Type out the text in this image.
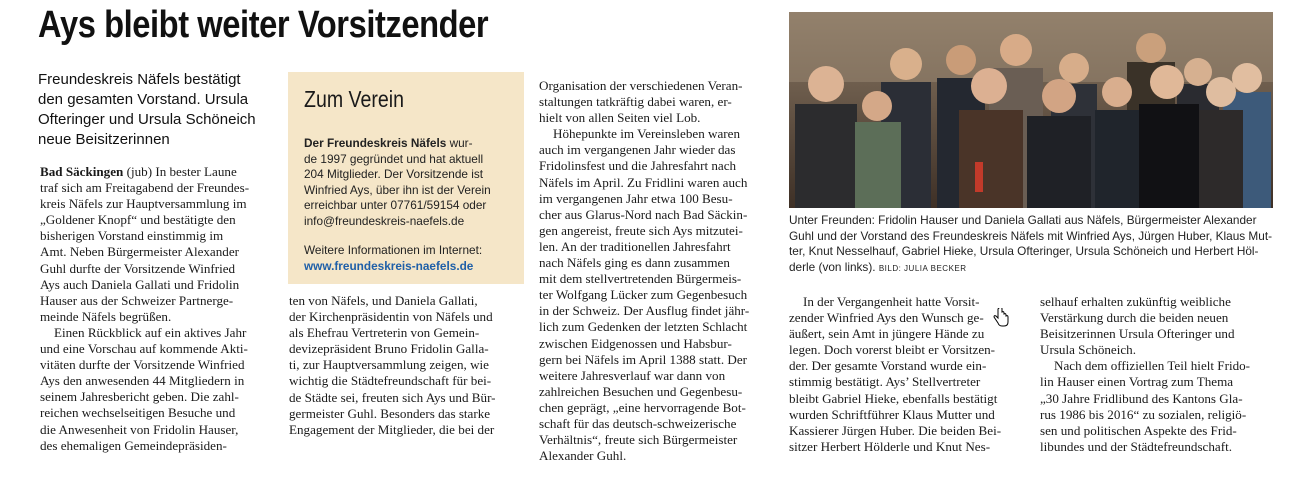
Ays bleibt weiter Vorsitzender
Freundeskreis Näfels bestätigt
den gesamten Vorstand. Ursula
Ofteringer und Ursula Schöneich
neue Beisitzerinnen
Bad Säckingen (jub) In bester Laune
traf sich am Freitagabend der Freundes-
kreis Näfels zur Hauptversammlung im
„Goldener Knopf“ und bestätigte den
bisherigen Vorstand einstimmig im
Amt. Neben Bürgermeister Alexander
Guhl durfte der Vorsitzende Winfried
Ays auch Daniela Gallati und Fridolin
Hauser aus der Schweizer Partnerge-
meinde Näfels begrüßen.
Einen Rückblick auf ein aktives Jahr
und eine Vorschau auf kommende Akti-
vitäten durfte der Vorsitzende Winfried
Ays den anwesenden 44 Mitgliedern in
seinem Jahresbericht geben. Die zahl-
reichen wechselseitigen Besuche und
die Anwesenheit von Fridolin Hauser,
des ehemaligen Gemeindepräsiden-
Zum Verein
Der Freundeskreis Näfels wur-
de 1997 gegründet und hat aktuell
204 Mitglieder. Der Vorsitzende ist
Winfried Ays, über ihn ist der Verein
erreichbar unter 07761/59154 oder
info@freundeskreis-naefels.de
Weitere Informationen im Internet:
www.freundeskreis-naefels.de
ten von Näfels, und Daniela Gallati,
der Kirchenpräsidentin von Näfels und
als Ehefrau Vertreterin von Gemein-
devizepräsident Bruno Fridolin Galla-
ti, zur Hauptversammlung zeigen, wie
wichtig die Städtefreundschaft für bei-
de Städte sei, freuten sich Ays und Bür-
germeister Guhl. Besonders das starke
Engagement der Mitglieder, die bei der
Organisation der verschiedenen Veran-
staltungen tatkräftig dabei waren, er-
hielt von allen Seiten viel Lob.
Höhepunkte im Vereinsleben waren
auch im vergangenen Jahr wieder das
Fridolinsfest und die Jahresfahrt nach
Näfels im April. Zu Fridlini waren auch
im vergangenen Jahr etwa 100 Besu-
cher aus Glarus-Nord nach Bad Säckin-
gen angereist, freute sich Ays mitzutei-
len. An der traditionellen Jahresfahrt
nach Näfels ging es dann zusammen
mit dem stellvertretenden Bürgermeis-
ter Wolfgang Lücker zum Gegenbesuch
in der Schweiz. Der Ausflug findet jähr-
lich zum Gedenken der letzten Schlacht
zwischen Eidgenossen und Habsbur-
gern bei Näfels im April 1388 statt. Der
weitere Jahresverlauf war dann von
zahlreichen Besuchen und Gegenbesu-
chen geprägt, „eine hervorragende Bot-
schaft für das deutsch-schweizerische
Verhältnis“, freute sich Bürgermeister
Alexander Guhl.
Unter Freunden: Fridolin Hauser und Daniela Gallati aus Näfels, Bürgermeister Alexander
Guhl und der Vorstand des Freundeskreis Näfels mit Winfried Ays, Jürgen Huber, Klaus Mut-
ter, Knut Nesselhauf, Gabriel Hieke, Ursula Ofteringer, Ursula Schöneich und Herbert Höl-
derle (von links). BILD: JULIA BECKER
In der Vergangenheit hatte Vorsit-
zender Winfried Ays den Wunsch ge-
äußert, sein Amt in jüngere Hände zu
legen. Doch vorerst bleibt er Vorsitzen-
der. Der gesamte Vorstand wurde ein-
stimmig bestätigt. Ays’ Stellvertreter
bleibt Gabriel Hieke, ebenfalls bestätigt
wurden Schriftführer Klaus Mutter und
Kassierer Jürgen Huber. Die beiden Bei-
sitzer Herbert Hölderle und Knut Nes-
selhauf erhalten zukünftig weibliche
Verstärkung durch die beiden neuen
Beisitzerinnen Ursula Ofteringer und
Ursula Schöneich.
Nach dem offiziellen Teil hielt Frido-
lin Hauser einen Vortrag zum Thema
„30 Jahre Fridlibund des Kantons Gla-
rus 1986 bis 2016“ zu sozialen, religiö-
sen und politischen Aspekte des Frid-
libundes und der Städtefreundschaft.
